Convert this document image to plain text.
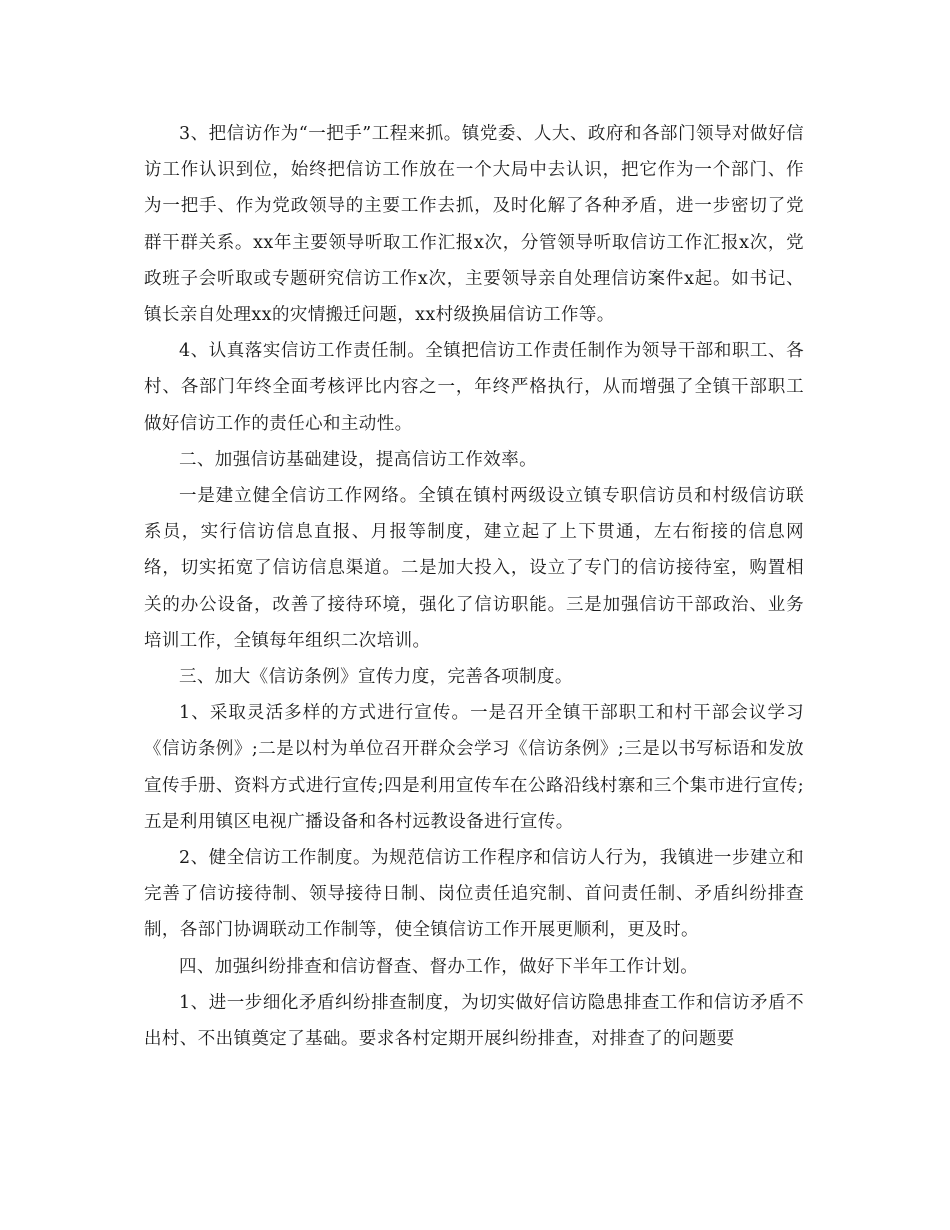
3、把信访作为“一把手”工程来抓。镇党委、人大、政府和各部门领导对做好信访工作认识到位，始终把信访工作放在一个大局中去认识，把它作为一个部门、作为一把手、作为党政领导的主要工作去抓，及时化解了各种矛盾，进一步密切了党群干群关系。xx年主要领导听取工作汇报x次，分管领导听取信访工作汇报x次，党政班子会听取或专题研究信访工作x次，主要领导亲自处理信访案件x起。如书记、镇长亲自处理xx的灾情搬迁问题，xx村级换届信访工作等。

4、认真落实信访工作责任制。全镇把信访工作责任制作为领导干部和职工、各村、各部门年终全面考核评比内容之一，年终严格执行，从而增强了全镇干部职工做好信访工作的责任心和主动性。

二、加强信访基础建设，提高信访工作效率。

一是建立健全信访工作网络。全镇在镇村两级设立镇专职信访员和村级信访联系员，实行信访信息直报、月报等制度，建立起了上下贯通，左右衔接的信息网络，切实拓宽了信访信息渠道。二是加大投入，设立了专门的信访接待室，购置相关的办公设备，改善了接待环境，强化了信访职能。三是加强信访干部政治、业务培训工作，全镇每年组织二次培训。

三、加大《信访条例》宣传力度，完善各项制度。

1、采取灵活多样的方式进行宣传。一是召开全镇干部职工和村干部会议学习《信访条例》;二是以村为单位召开群众会学习《信访条例》;三是以书写标语和发放宣传手册、资料方式进行宣传;四是利用宣传车在公路沿线村寨和三个集市进行宣传;五是利用镇区电视广播设备和各村远教设备进行宣传。

2、健全信访工作制度。为规范信访工作程序和信访人行为，我镇进一步建立和完善了信访接待制、领导接待日制、岗位责任追究制、首问责任制、矛盾纠纷排查制，各部门协调联动工作制等，使全镇信访工作开展更顺利，更及时。

四、加强纠纷排查和信访督查、督办工作，做好下半年工作计划。

1、进一步细化矛盾纠纷排查制度，为切实做好信访隐患排查工作和信访矛盾不出村、不出镇奠定了基础。要求各村定期开展纠纷排查，对排查了的问题要
